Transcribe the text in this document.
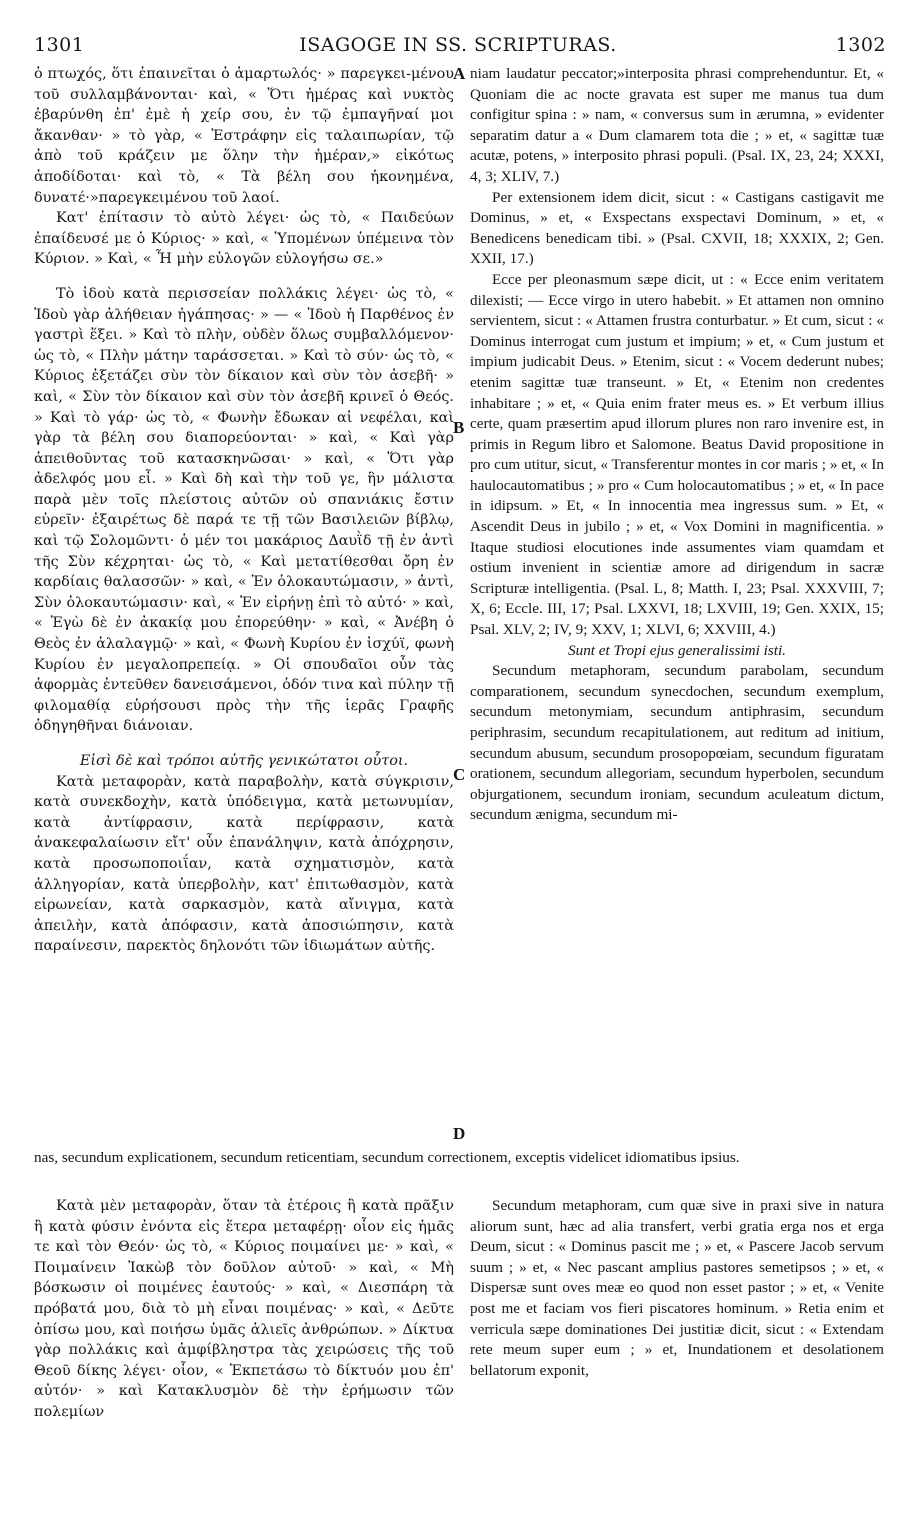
1301	ISAGOGE IN SS. SCRIPTURAS.	1302

ὁ πτωχός, ὅτι ἐπαινεῖται ὁ ἁμαρτωλός· » παρεγκει-μένου τοῦ συλλαμβάνονται· καὶ, « Ὅτι ἡμέρας καὶ νυκτὸς ἐβαρύνθη ἐπ' ἐμὲ ἡ χείρ σου, ἐν τῷ ἐμπαγῆναί μοι ἄκανθαν· » τὸ γὰρ, « Ἐστράφην εἰς ταλαιπωρίαν, τῷ ἀπὸ τοῦ κράζειν με ὅλην τὴν ἡμέραν,» εἰκότως ἀποδίδοται· καὶ τὸ, « Τὰ βέλη σου ἠκονημένα, δυνατέ·»παρεγκειμένου τοῦ λαοί.

Κατ' ἐπίτασιν τὸ αὐτὸ λέγει· ὡς τὸ, « Παιδεύων ἐπαίδευσέ με ὁ Κύριος· » καὶ, « Ὑπομένων ὑπέμεινα τὸν Κύριον. » Καὶ, « Ἦ μὴν εὐλογῶν εὐλογήσω σε.»

Τὸ ἰδοὺ κατὰ περισσείαν πολλάκις λέγει· ὡς τὸ, « Ἰδοὺ γὰρ ἀλήθειαν ἠγάπησας· » — « Ἰδοὺ ἡ Παρθένος ἐν γαστρὶ ἕξει. » Καὶ τὸ πλὴν, οὐδὲν ὅλως συμβαλλόμενον· ὡς τὸ, « Πλὴν μάτην ταράσσεται. » Καὶ τὸ σύν· ὡς τὸ, « Κύριος ἐξετάζει σὺν τὸν δίκαιον καὶ σὺν τὸν ἀσεβῆ· » καὶ, « Σὺν τὸν δίκαιον καὶ σὺν τὸν ἀσεβῆ κρινεῖ ὁ Θεός. » Καὶ τὸ γάρ· ὡς τὸ, « Φωνὴν ἔδωκαν αἱ νεφέλαι, καὶ γὰρ τὰ βέλη σου διαπορεύονται· » καὶ, « Καὶ γὰρ ἀπειθοῦντας τοῦ κατασκηνῶσαι· » καὶ, « Ὅτι γὰρ ἀδελφός μου εἶ. » Καὶ δὴ καὶ τὴν τοῦ γε, ἣν μάλιστα παρὰ μὲν τοῖς πλείστοις αὐτῶν οὐ σπανιάκις ἔστιν εὑρεῖν· ἐξαιρέτως δὲ παρά τε τῇ τῶν Βασιλειῶν βίβλῳ, καὶ τῷ Σολομῶντι· ὁ μέν τοι μακάριος Δαυῒδ τῇ ἐν ἀντὶ τῆς Σὺν κέχρηται· ὡς τὸ, « Καὶ μετατίθεσθαι ὄρη ἐν καρδίαις θαλασσῶν· » καὶ, « Ἐν ὁλοκαυτώμασιν, » ἀντὶ, Σὺν ὁλοκαυτώμασιν· καὶ, « Ἐν εἰρήνῃ ἐπὶ τὸ αὐτό· » καὶ, « Ἐγὼ δὲ ἐν ἀκακίᾳ μου ἐπορεύθην· » καὶ, « Ἀνέβη ὁ Θεὸς ἐν ἀλαλαγμῷ· » καὶ, « Φωνὴ Κυρίου ἐν ἰσχύϊ, φωνὴ Κυρίου ἐν μεγαλοπρεπείᾳ. » Οἱ σπουδαῖοι οὖν τὰς ἀφορμὰς ἐντεῦθεν δανεισάμενοι, ὁδόν τινα καὶ πύλην τῇ φιλομαθίᾳ εὑρήσουσι πρὸς τὴν τῆς ἱερᾶς Γραφῆς ὁδηγηθῆναι διάνοιαν.

Εἰσὶ δὲ καὶ τρόποι αὐτῆς γενικώτατοι οὗτοι.

Κατὰ μεταφορὰν, κατὰ παραβολὴν, κατὰ σύγκρισιν, κατὰ συνεκδοχὴν, κατὰ ὑπόδειγμα, κατὰ μετωνυμίαν, κατὰ ἀντίφρασιν, κατὰ περίφρασιν, κατὰ ἀνακεφαλαίωσιν εἴτ' οὖν ἐπανάληψιν, κατὰ ἀπόχρησιν, κατὰ προσωποποιΐαν, κατὰ σχηματισμὸν, κατὰ ἀλληγορίαν, κατὰ ὑπερβολὴν, κατ' ἐπιτωθασμὸν, κατὰ εἰρωνείαν, κατὰ σαρκασμὸν, κατὰ αἴνιγμα, κατὰ ἀπειλὴν, κατὰ ἀπόφασιν, κατὰ ἀποσιώπησιν, κατὰ παραίνεσιν, παρεκτὸς δηλονότι τῶν ἰδιωμάτων αὐτῆς.

niam laudatur peccator;»interposita phrasi comprehenduntur. Et, « Quoniam die ac nocte gravata est super me manus tua dum configitur spina : » nam, « conversus sum in ærumna, » evidenter separatim datur a « Dum clamarem tota die ; » et, « sagittæ tuæ acutæ, potens, » interposito phrasi populi. (Psal. IX, 23, 24; XXXI, 4, 3; XLIV, 7.)

Per extensionem idem dicit, sicut : « Castigans castigavit me Dominus, » et, « Exspectans exspectavi Dominum, » et, « Benedicens benedicam tibi. » (Psal. CXVII, 18; XXXIX, 2; Gen. XXII, 17.)

Ecce per pleonasmum sæpe dicit, ut : « Ecce enim veritatem dilexisti; — Ecce virgo in utero habebit. » Et attamen non omnino servientem, sicut : « Attamen frustra conturbatur. » Et cum, sicut : « Dominus interrogat cum justum et impium; » et, « Cum justum et impium judicabit Deus. » Etenim, sicut : « Vocem dederunt nubes; etenim sagittæ tuæ transeunt. » Et, « Etenim non credentes inhabitare ; » et, « Quia enim frater meus es. » Et verbum illius certe, quam præsertim apud illorum plures non raro invenire est, in primis in Regum libro et Salomone. Beatus David propositione in pro cum utitur, sicut, « Transferentur montes in cor maris ; » et, « In haulocautomatibus ; » pro « Cum holocautomatibus ; » et, « In pace in idipsum. » Et, « In innocentia mea ingressus sum. » Et, « Ascendit Deus in jubilo ; » et, « Vox Domini in magnificentia. » Itaque studiosi elocutiones inde assumentes viam quamdam et ostium invenient in scientiæ amore ad dirigendum in sacræ Scripturæ intelligentia. (Psal. L, 8; Matth. I, 23; Psal. XXXVIII, 7; X, 6; Eccle. III, 17; Psal. LXXVI, 18; LXVIII, 19; Gen. XXIX, 15; Psal. XLV, 2; IV, 9; XXV, 1; XLVI, 6; XXVIII, 4.)

Sunt et Tropi ejus generalissimi isti.

Secundum metaphoram, secundum parabolam, secundum comparationem, secundum synecdochen, secundum exemplum, secundum metonymiam, secundum antiphrasim, secundum periphrasim, secundum recapitulationem, aut reditum ad initium, secundum abusum, secundum prosopopœiam, secundum figuratam orationem, secundum allegoriam, secundum hyperbolen, secundum objurgationem, secundum ironiam, secundum aculeatum dictum, secundum ænigma, secundum mi-

A
B
C
D
nas, secundum explicationem, secundum reticentiam, secundum correctionem, exceptis videlicet idiomatibus ipsius.

Κατὰ μὲν μεταφορὰν, ὅταν τὰ ἑτέροις ἢ κατὰ πρᾶξιν ἢ κατὰ φύσιν ἐνόντα εἰς ἕτερα μεταφέρῃ· οἷον εἰς ἡμᾶς τε καὶ τὸν Θεόν· ὡς τὸ, « Κύριος ποιμαίνει με· » καὶ, « Ποιμαίνειν Ἰακὼβ τὸν δοῦλον αὐτοῦ· » καὶ, « Μὴ βόσκωσιν οἱ ποιμένες ἑαυτούς· » καὶ, « Διεσπάρη τὰ πρόβατά μου, διὰ τὸ μὴ εἶναι ποιμένας· » καὶ, « Δεῦτε ὀπίσω μου, καὶ ποιήσω ὑμᾶς ἁλιεῖς ἀνθρώπων. » Δίκτυα γὰρ πολλάκις καὶ ἀμφίβληστρα τὰς χειρώσεις τῆς τοῦ Θεοῦ δίκης λέγει· οἷον, « Ἐκπετάσω τὸ δίκτυόν μου ἐπ' αὐτόν· » καὶ Κατακλυσμὸν δὲ τὴν ἐρήμωσιν τῶν πολεμίων

Secundum metaphoram, cum quæ sive in praxi sive in natura aliorum sunt, hæc ad alia transfert, verbi gratia erga nos et erga Deum, sicut : « Dominus pascit me ; » et, « Pascere Jacob servum suum ; » et, « Nec pascant amplius pastores semetipsos ; » et, « Dispersæ sunt oves meæ eo quod non esset pastor ; » et, « Venite post me et faciam vos fieri piscatores hominum. » Retia enim et verricula sæpe dominationes Dei justitiæ dicit, sicut : « Extendam rete meum super eum ; » et, Inundationem et desolationem bellatorum exponit,
